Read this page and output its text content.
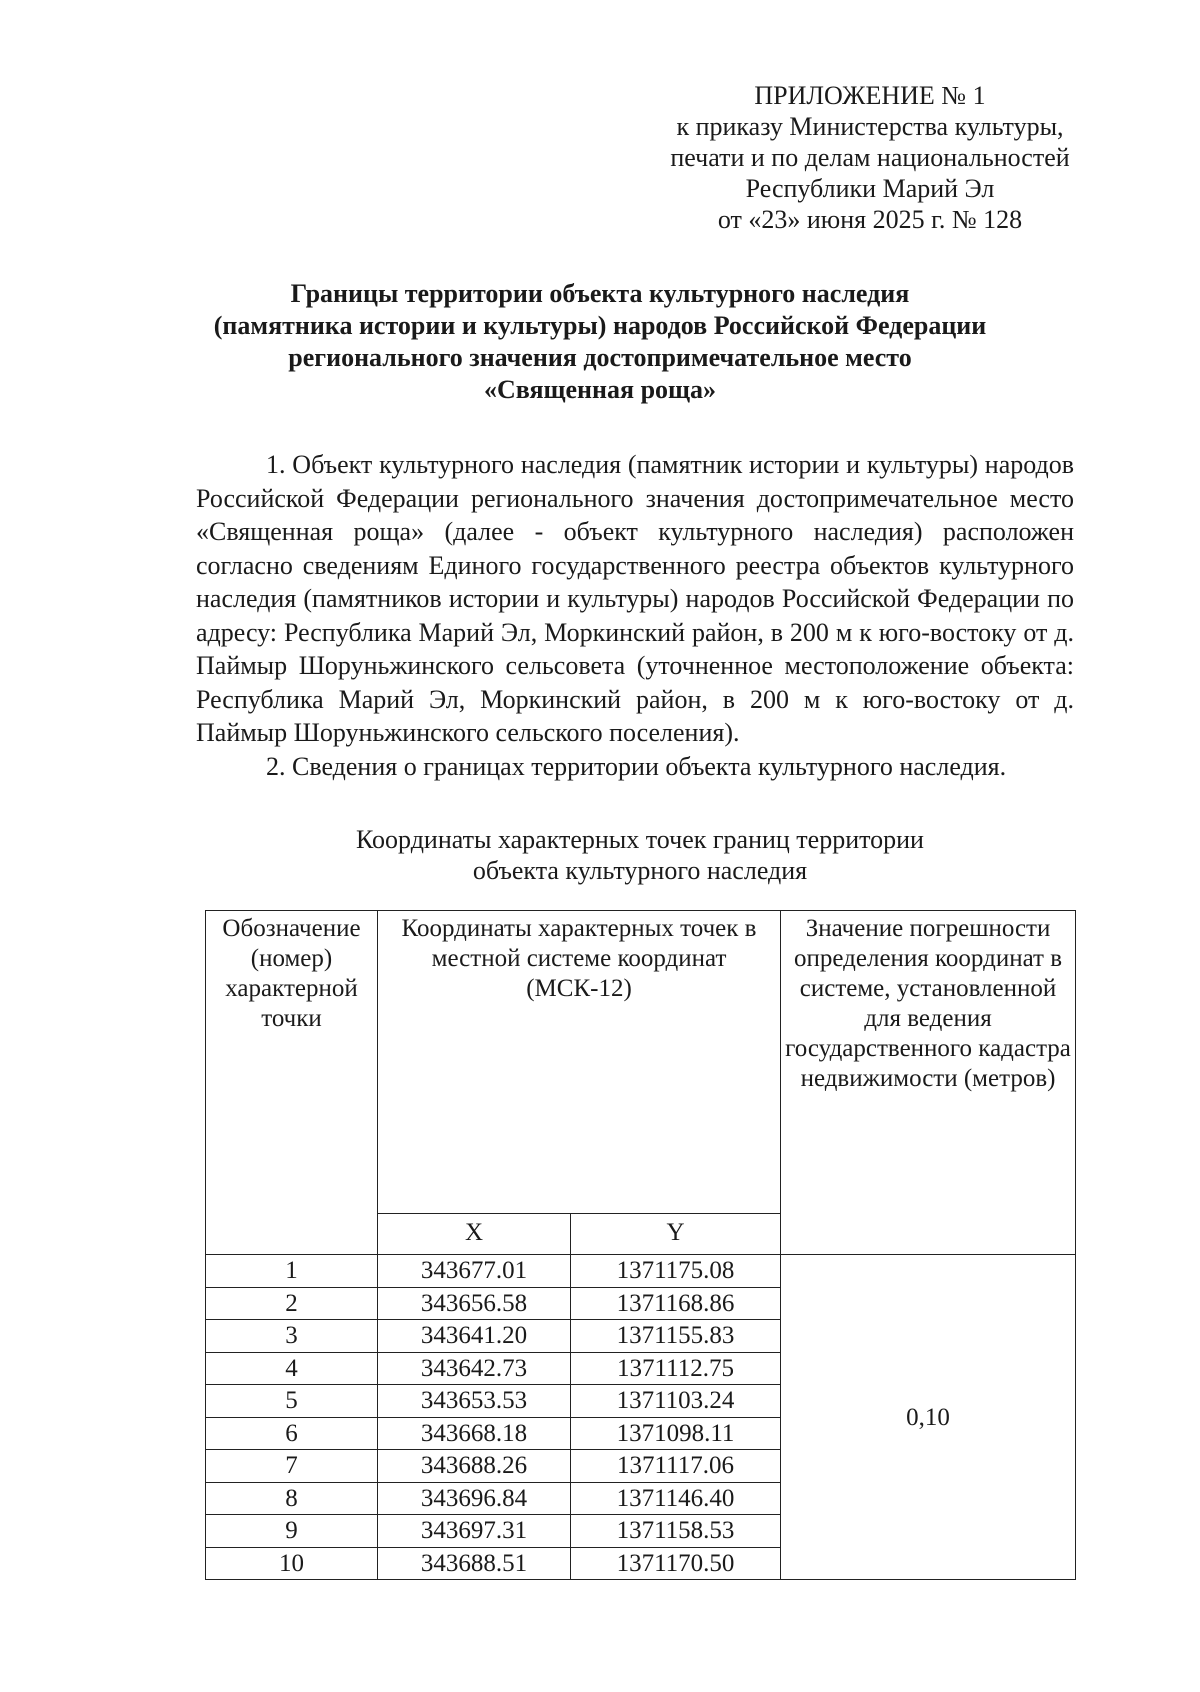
ПРИЛОЖЕНИЕ № 1
к приказу Министерства культуры,
печати и по делам национальностей
Республики Марий Эл
от «23» июня 2025 г. № 128
Границы территории объекта культурного наследия
(памятника истории и культуры) народов Российской Федерации
регионального значения достопримечательное место
«Священная роща»

1. Объект культурного наследия (памятник истории и культуры) народов Российской Федерации регионального значения достопримечательное место «Священная роща» (далее - объект культурного наследия) расположен согласно сведениям Единого государственного реестра объектов культурного наследия (памятников истории и культуры) народов Российской Федерации по адресу: Республика Марий Эл, Моркинский район, в 200 м к юго-востоку от д. Паймыр Шоруньжинского сельсовета (уточненное местоположение объекта: Республика Марий Эл, Моркинский район, в 200 м к юго-востоку от д. Паймыр Шоруньжинского сельского поселения).

2. Сведения о границах территории объекта культурного наследия.

Координаты характерных точек границ территории
объекта культурного наследия
Обозначение (номер) характерной точки	Координаты характерных точек в местной системе координат (МСК-12)		Значение погрешности определения координат в системе, установленной для ведения государственного кадастра недвижимости (метров)
	X	Y	
1	343677.01	1371175.08	0,10
2	343656.58	1371168.86	
3	343641.20	1371155.83	
4	343642.73	1371112.75	
5	343653.53	1371103.24	
6	343668.18	1371098.11	
7	343688.26	1371117.06	
8	343696.84	1371146.40	
9	343697.31	1371158.53	
10	343688.51	1371170.50	
